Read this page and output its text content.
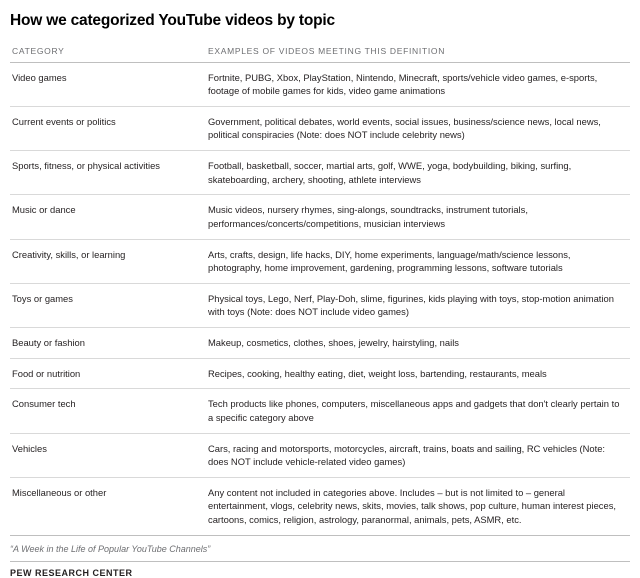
How we categorized YouTube videos by topic
CATEGORY	EXAMPLES OF VIDEOS MEETING THIS DEFINITION
Video games	Fortnite, PUBG, Xbox, PlayStation, Nintendo, Minecraft, sports/vehicle video games, e-sports, footage of mobile games for kids, video game animations
Current events or politics	Government, political debates, world events, social issues, business/science news, local news, political conspiracies (Note: does NOT include celebrity news)
Sports, fitness, or physical activities	Football, basketball, soccer, martial arts, golf, WWE, yoga, bodybuilding, biking, surfing, skateboarding, archery, shooting, athlete interviews
Music or dance	Music videos, nursery rhymes, sing-alongs, soundtracks, instrument tutorials, performances/concerts/competitions, musician interviews
Creativity, skills, or learning	Arts, crafts, design, life hacks, DIY, home experiments, language/math/science lessons, photography, home improvement, gardening, programming lessons, software tutorials
Toys or games	Physical toys, Lego, Nerf, Play-Doh, slime, figurines, kids playing with toys, stop-motion animation with toys (Note: does NOT include video games)
Beauty or fashion	Makeup, cosmetics, clothes, shoes, jewelry, hairstyling, nails
Food or nutrition	Recipes, cooking, healthy eating, diet, weight loss, bartending, restaurants, meals
Consumer tech	Tech products like phones, computers, miscellaneous apps and gadgets that don't clearly pertain to a specific category above
Vehicles	Cars, racing and motorsports, motorcycles, aircraft, trains, boats and sailing, RC vehicles (Note: does NOT include vehicle-related video games)
Miscellaneous or other	Any content not included in categories above. Includes – but is not limited to – general entertainment, vlogs, celebrity news, skits, movies, talk shows, pop culture, human interest pieces, cartoons, comics, religion, astrology, paranormal, animals, pets, ASMR, etc.
“A Week in the Life of Popular YouTube Channels”
PEW RESEARCH CENTER
